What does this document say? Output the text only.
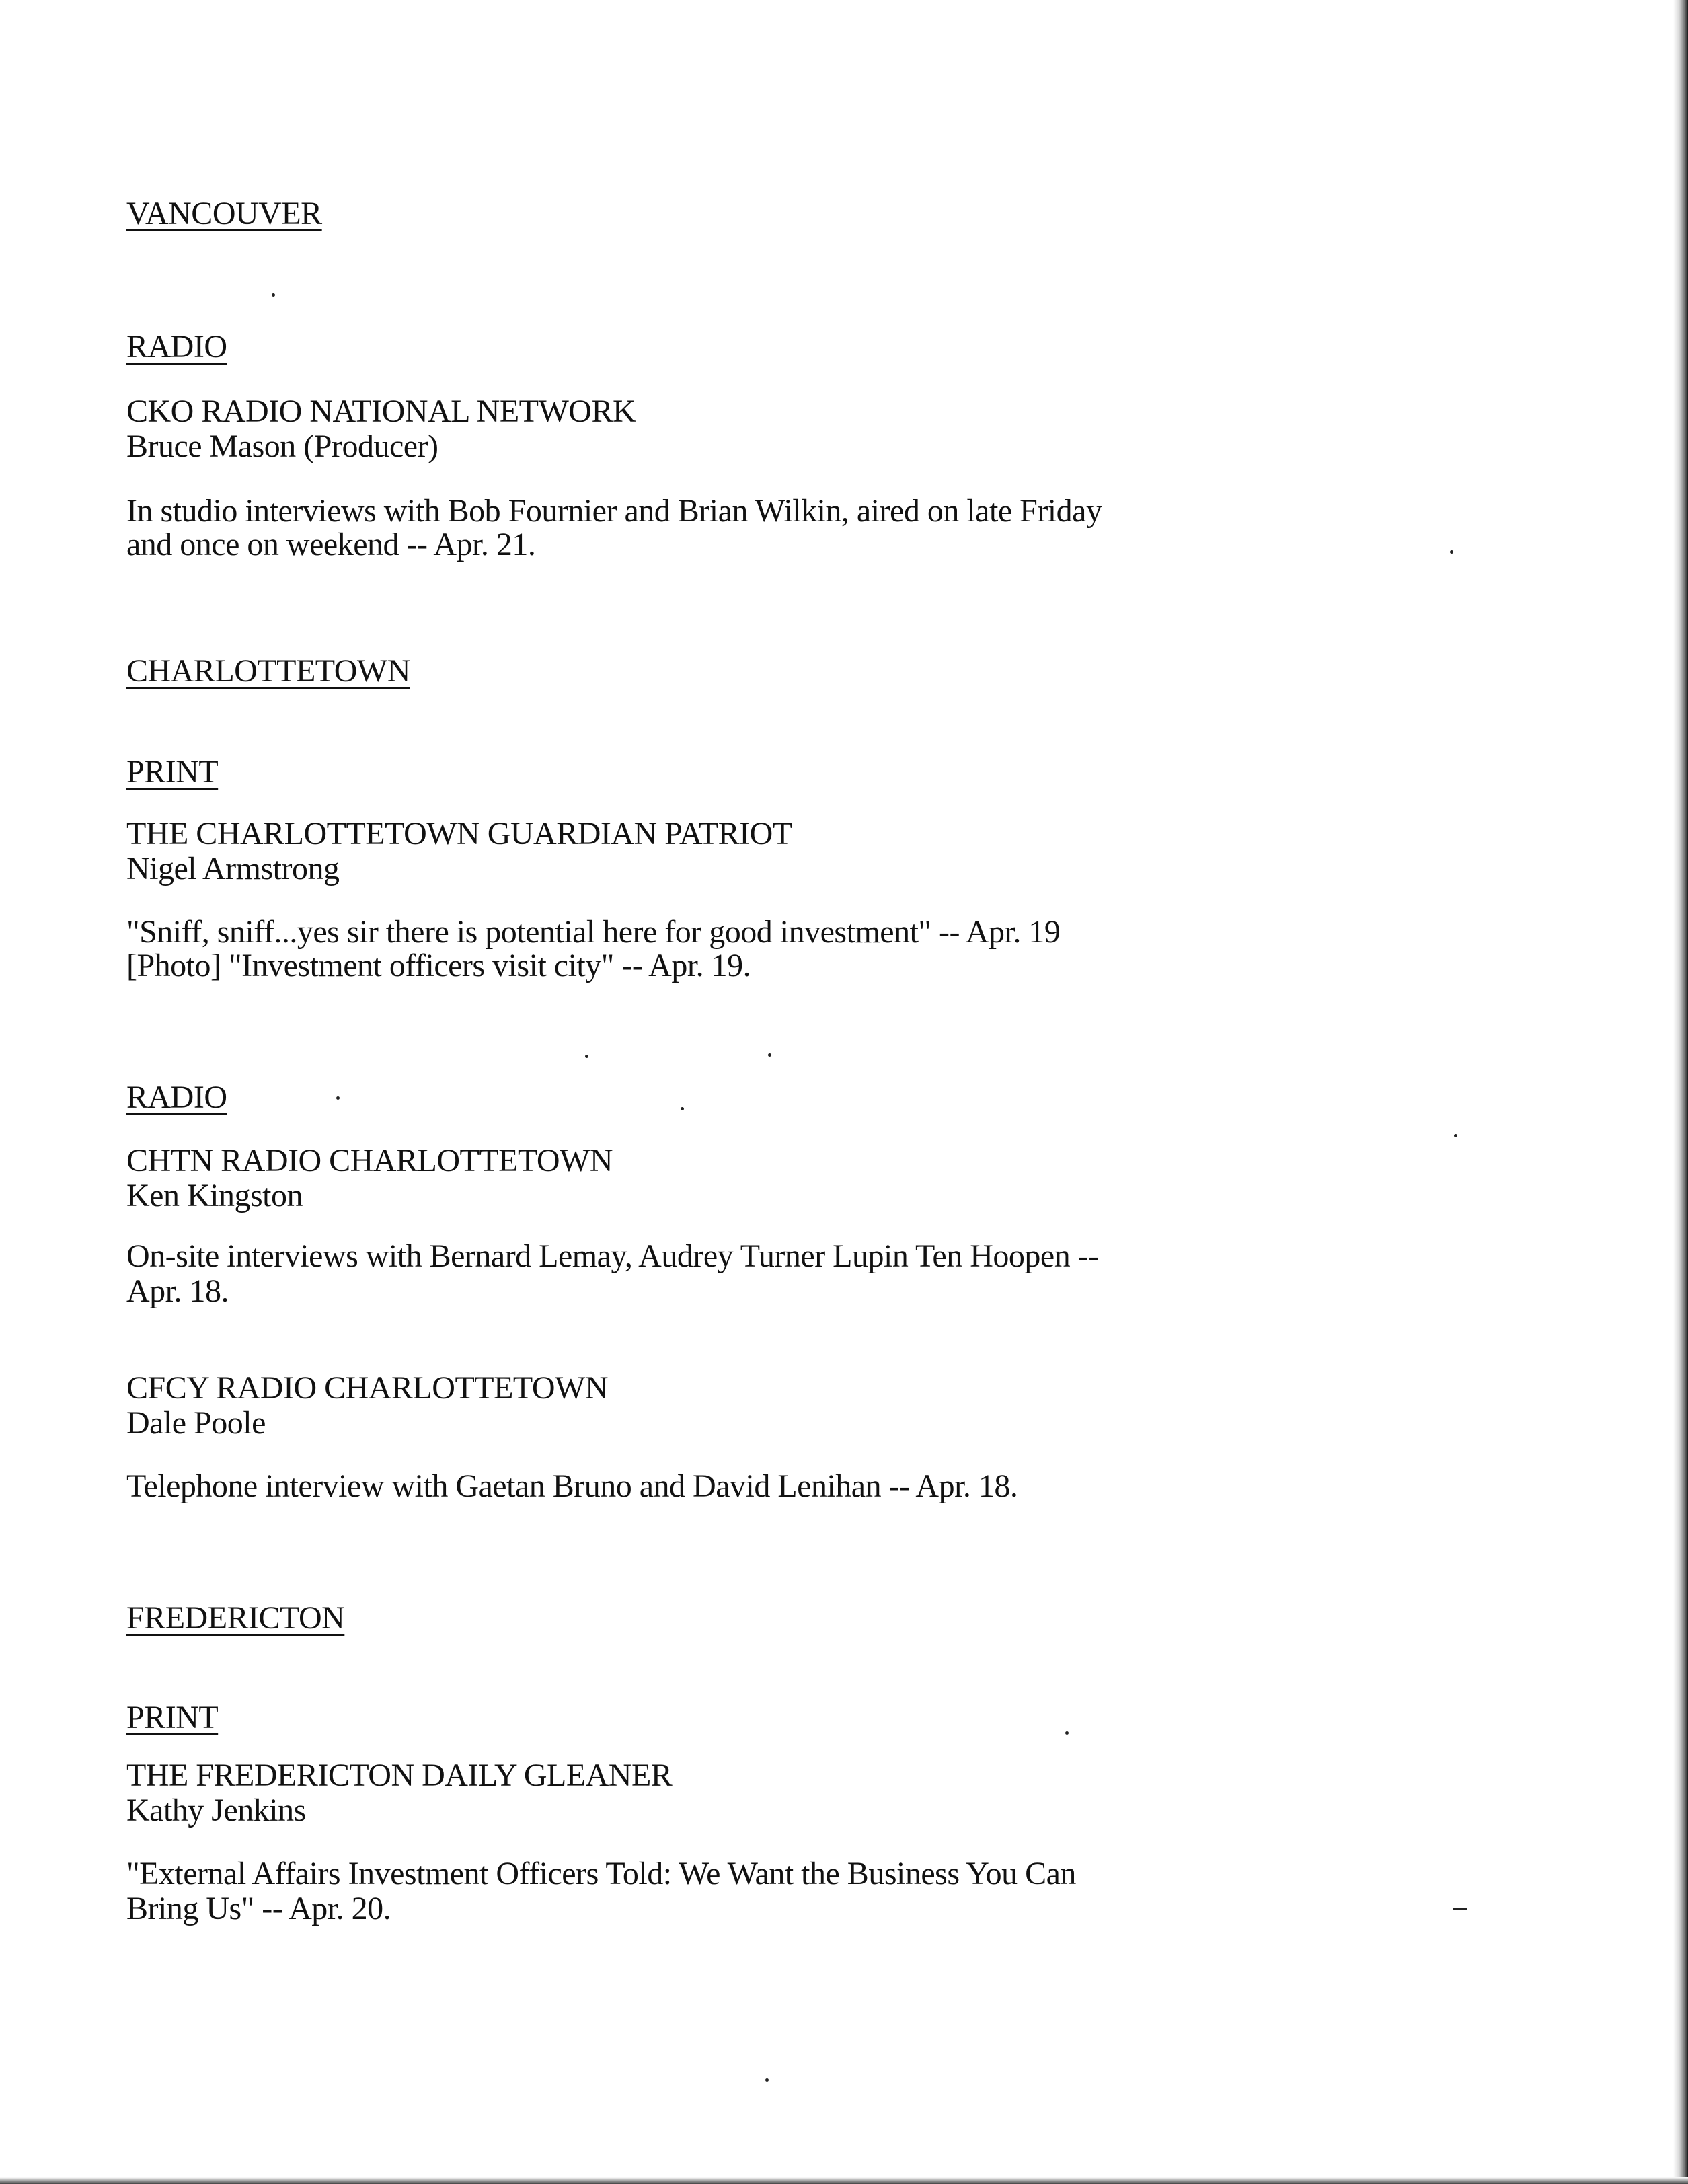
VANCOUVER
RADIO
CKO RADIO NATIONAL NETWORK
Bruce Mason (Producer)
In studio interviews with Bob Fournier and Brian Wilkin, aired on late Friday
and once on weekend -- Apr. 21.
CHARLOTTETOWN
PRINT
THE CHARLOTTETOWN GUARDIAN PATRIOT
Nigel Armstrong
"Sniff, sniff...yes sir there is potential here for good investment" -- Apr. 19
[Photo] "Investment officers visit city" -- Apr. 19.
RADIO
CHTN RADIO CHARLOTTETOWN
Ken Kingston
On-site interviews with Bernard Lemay, Audrey Turner Lupin Ten Hoopen --
Apr. 18.
CFCY RADIO CHARLOTTETOWN
Dale Poole
Telephone interview with Gaetan Bruno and David Lenihan -- Apr. 18.
FREDERICTON
PRINT
THE FREDERICTON DAILY GLEANER
Kathy Jenkins
"External Affairs Investment Officers Told: We Want the Business You Can
Bring Us" -- Apr. 20.
